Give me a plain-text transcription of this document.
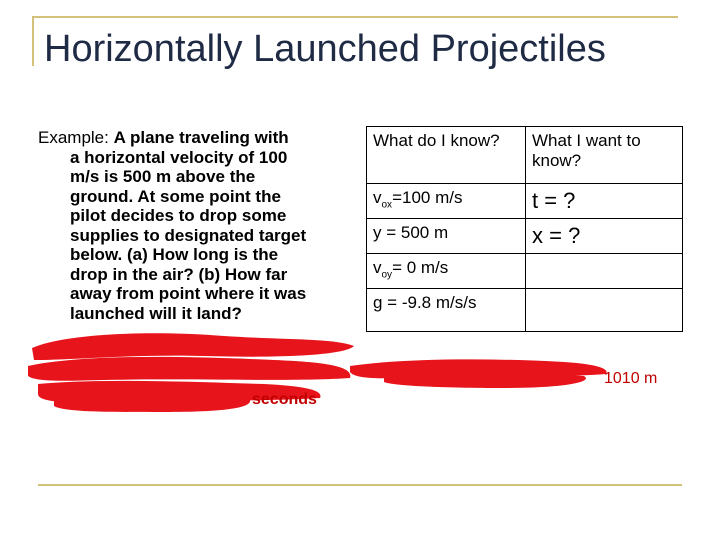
Horizontally Launched Projectiles
Example: A plane traveling with
a horizontal velocity of 100
m/s is 500 m above the
ground. At some point the
pilot decides to drop some
supplies to designated target
below. (a) How long is the
drop in the air? (b) How far
away from point where it was
launched will it land?
What do I know?	What I want to know?
$v_{ox}=100$ m/s	t = ?
y = 500 m	x = ?
$v_{oy}= 0$ m/s	
g = -9.8 m/s/s	
seconds
1010 m
